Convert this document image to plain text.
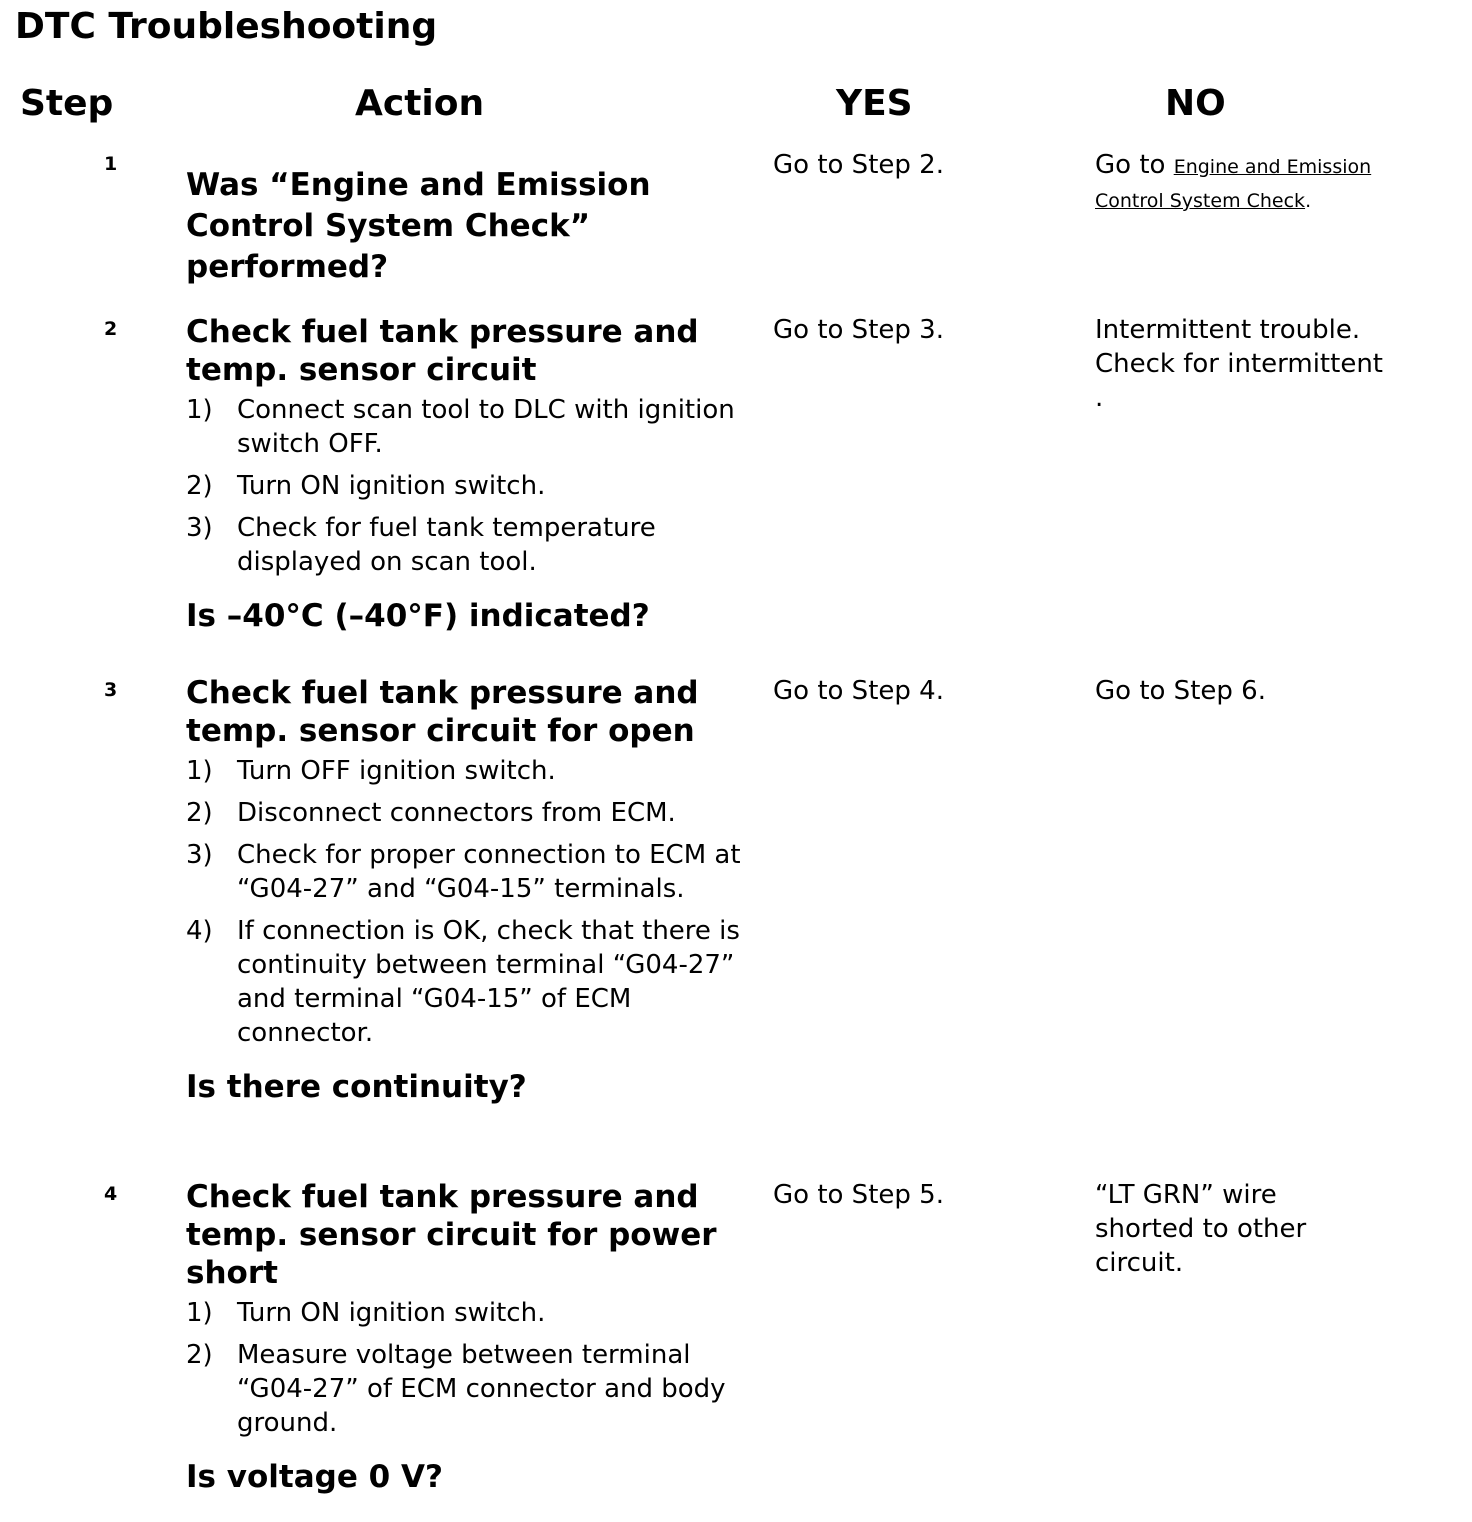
DTC Troubleshooting
Step	Action	YES	NO
1
Was “Engine and Emission Control System Check” performed?
Go to Step 2.	Go to Engine and Emission Control System Check.
2 Check fuel tank pressure and temp. sensor circuit
1) Connect scan tool to DLC with ignition switch OFF.
2) Turn ON ignition switch.
3) Check for fuel tank temperature displayed on scan tool.
Is –40°C (–40°F) indicated?
Go to Step 3.	Intermittent trouble. Check for intermittent .
3 Check fuel tank pressure and temp. sensor circuit for open
1) Turn OFF ignition switch.
2) Disconnect connectors from ECM.
3) Check for proper connection to ECM at “G04-27” and “G04-15” terminals.
4) If connection is OK, check that there is continuity between terminal “G04-27” and terminal “G04-15” of ECM connector.
Is there continuity?
Go to Step 4.	Go to Step 6.
4 Check fuel tank pressure and temp. sensor circuit for power short
1) Turn ON ignition switch.
2) Measure voltage between terminal “G04-27” of ECM connector and body ground.
Is voltage 0 V?
Go to Step 5.	“LT GRN” wire shorted to other circuit.
